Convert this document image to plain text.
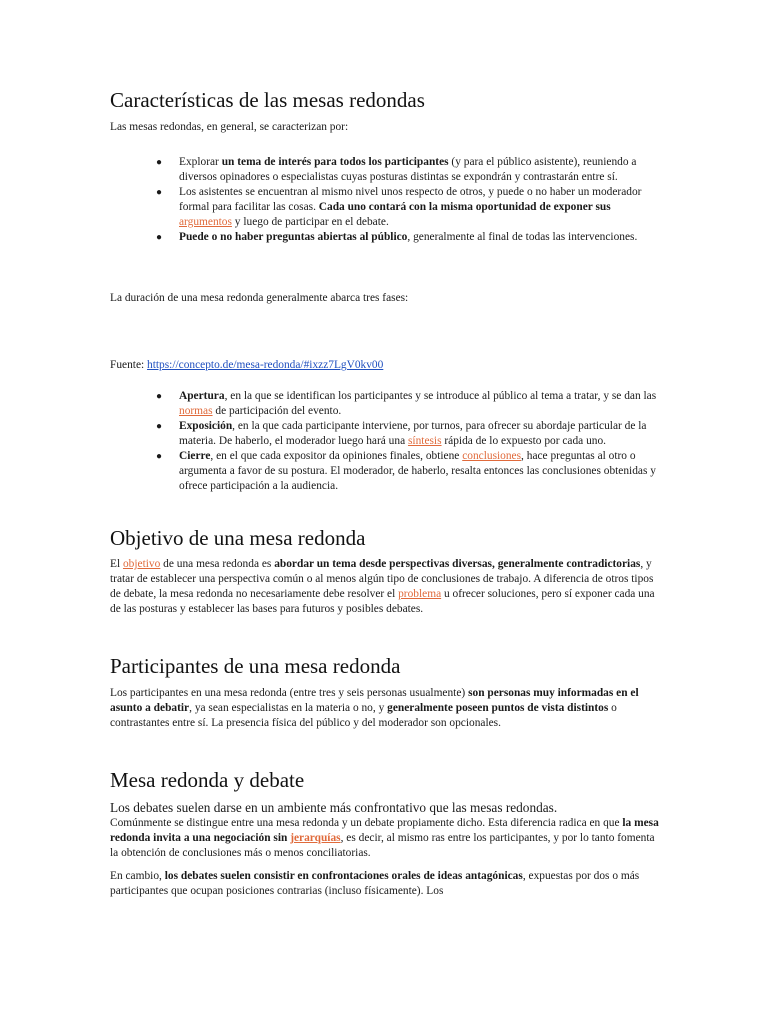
Características de las mesas redondas

Las mesas redondas, en general, se caracterizan por:

● Explorar un tema de interés para todos los participantes (y para el público asistente), reuniendo a diversos opinadores o especialistas cuyas posturas distintas se expondrán y contrastarán entre sí.
● Los asistentes se encuentran al mismo nivel unos respecto de otros, y puede o no haber un moderador formal para facilitar las cosas. Cada uno contará con la misma oportunidad de exponer sus argumentos y luego de participar en el debate.
● Puede o no haber preguntas abiertas al público, generalmente al final de todas las intervenciones.

La duración de una mesa redonda generalmente abarca tres fases:

Fuente: https://concepto.de/mesa-redonda/#ixzz7LgV0kv00

● Apertura, en la que se identifican los participantes y se introduce al público al tema a tratar, y se dan las normas de participación del evento.
● Exposición, en la que cada participante interviene, por turnos, para ofrecer su abordaje particular de la materia. De haberlo, el moderador luego hará una síntesis rápida de lo expuesto por cada uno.
● Cierre, en el que cada expositor da opiniones finales, obtiene conclusiones, hace preguntas al otro o argumenta a favor de su postura. El moderador, de haberlo, resalta entonces las conclusiones obtenidas y ofrece participación a la audiencia.
Objetivo de una mesa redonda

El objetivo de una mesa redonda es abordar un tema desde perspectivas diversas, generalmente contradictorias, y tratar de establecer una perspectiva común o al menos algún tipo de conclusiones de trabajo. A diferencia de otros tipos de debate, la mesa redonda no necesariamente debe resolver el problema u ofrecer soluciones, pero sí exponer cada una de las posturas y establecer las bases para futuros y posibles debates.

Participantes de una mesa redonda

Los participantes en una mesa redonda (entre tres y seis personas usualmente) son personas muy informadas en el asunto a debatir, ya sean especialistas en la materia o no, y generalmente poseen puntos de vista distintos o contrastantes entre sí. La presencia física del público y del moderador son opcionales.

Mesa redonda y debate

Los debates suelen darse en un ambiente más confrontativo que las mesas redondas.

Comúnmente se distingue entre una mesa redonda y un debate propiamente dicho. Esta diferencia radica en que la mesa redonda invita a una negociación sin jerarquías, es decir, al mismo ras entre los participantes, y por lo tanto fomenta la obtención de conclusiones más o menos conciliatorias.

En cambio, los debates suelen consistir en confrontaciones orales de ideas antagónicas, expuestas por dos o más participantes que ocupan posiciones contrarias (incluso físicamente). Los
